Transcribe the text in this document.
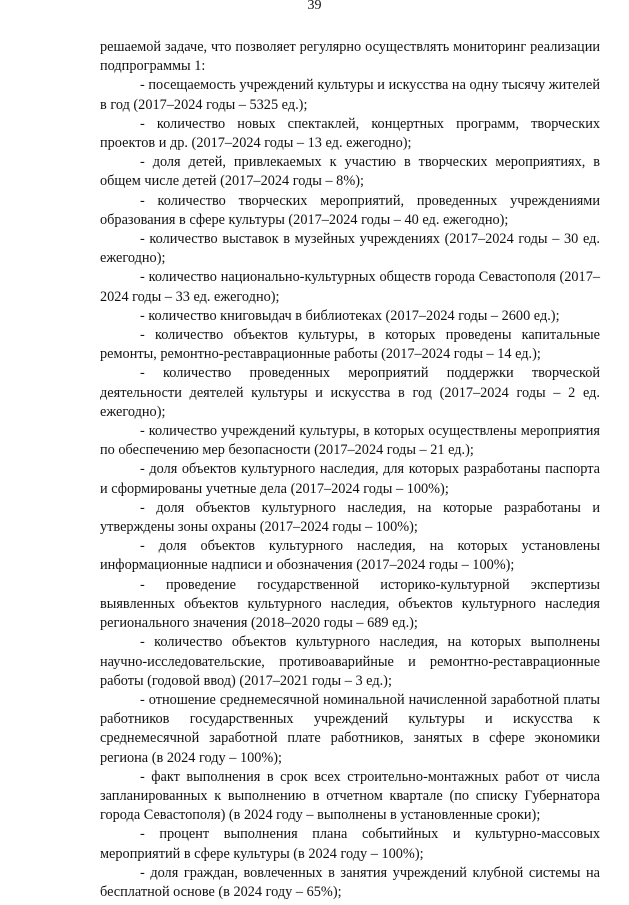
39

решаемой задаче, что позволяет регулярно осуществлять мониторинг реализации подпрограммы 1:

- посещаемость учреждений культуры и искусства на одну тысячу жителей в год (2017–2024 годы – 5325 ед.);

- количество новых спектаклей, концертных программ, творческих проектов и др. (2017–2024 годы – 13 ед. ежегодно);

- доля детей, привлекаемых к участию в творческих мероприятиях, в общем числе детей (2017–2024 годы – 8%);

- количество творческих мероприятий, проведенных учреждениями образования в сфере культуры (2017–2024 годы – 40 ед. ежегодно);

- количество выставок в музейных учреждениях (2017–2024 годы – 30 ед. ежегодно);

- количество национально-культурных обществ города Севастополя (2017–2024 годы – 33 ед. ежегодно);

- количество книговыдач в библиотеках (2017–2024 годы – 2600 ед.);

- количество объектов культуры, в которых проведены капитальные ремонты, ремонтно-реставрационные работы (2017–2024 годы – 14 ед.);

- количество проведенных мероприятий поддержки творческой деятельности деятелей культуры и искусства в год (2017–2024 годы – 2 ед. ежегодно);

- количество учреждений культуры, в которых осуществлены мероприятия по обеспечению мер безопасности (2017–2024 годы – 21 ед.);

- доля объектов культурного наследия, для которых разработаны паспорта и сформированы учетные дела (2017–2024 годы – 100%);

- доля объектов культурного наследия, на которые разработаны и утверждены зоны охраны (2017–2024 годы – 100%);

- доля объектов культурного наследия, на которых установлены информационные надписи и обозначения (2017–2024 годы – 100%);

- проведение государственной историко-культурной экспертизы выявленных объектов культурного наследия, объектов культурного наследия регионального значения (2018–2020 годы – 689 ед.);

- количество объектов культурного наследия, на которых выполнены научно-исследовательские, противоаварийные и ремонтно-реставрационные работы (годовой ввод) (2017–2021 годы – 3 ед.);

- отношение среднемесячной номинальной начисленной заработной платы работников государственных учреждений культуры и искусства к среднемесячной заработной плате работников, занятых в сфере экономики региона (в 2024 году – 100%);

- факт выполнения в срок всех строительно-монтажных работ от числа запланированных к выполнению в отчетном квартале (по списку Губернатора города Севастополя) (в 2024 году – выполнены в установленные сроки);

- процент выполнения плана событийных и культурно-массовых мероприятий в сфере культуры (в 2024 году – 100%);

- доля граждан, вовлеченных в занятия учреждений клубной системы на бесплатной основе (в 2024 году – 65%);
